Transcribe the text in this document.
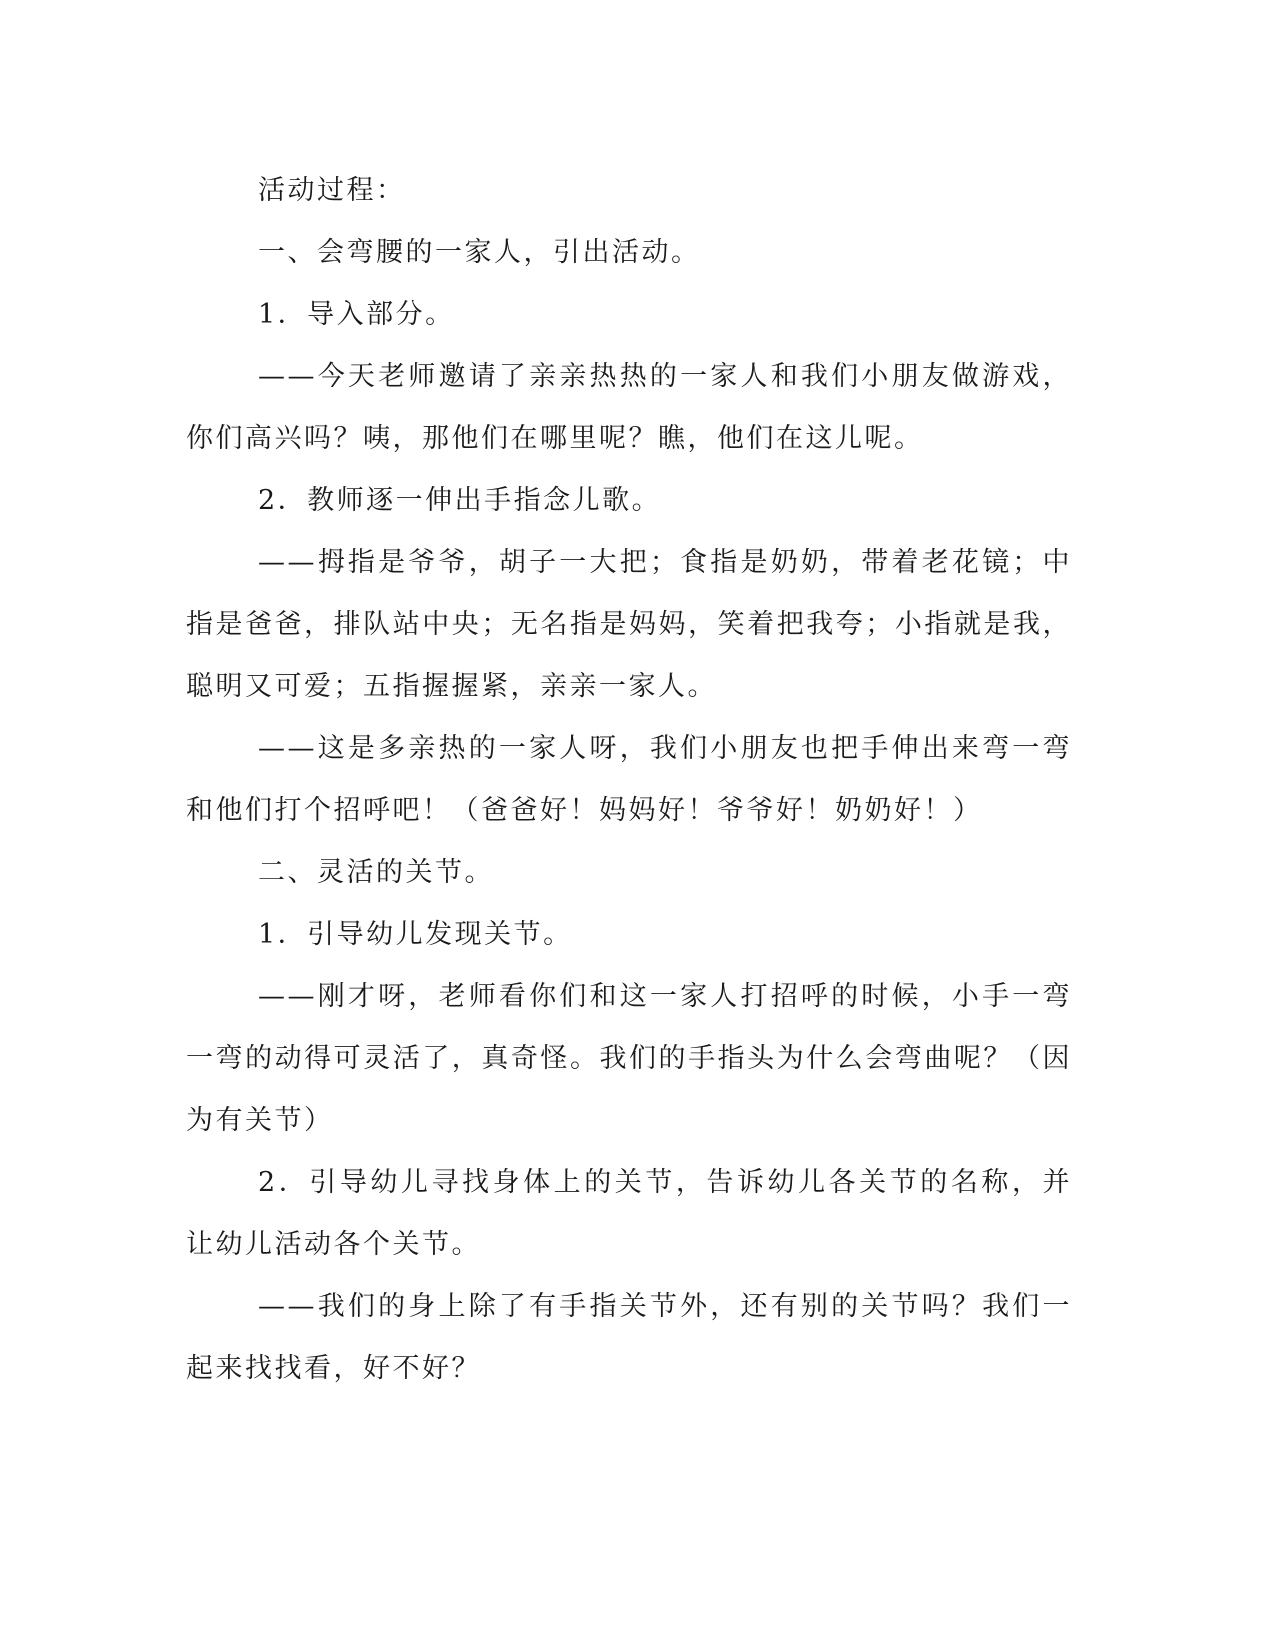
活动过程：

一、会弯腰的一家人，引出活动。

1．导入部分。

——今天老师邀请了亲亲热热的一家人和我们小朋友做游戏，你们高兴吗？咦，那他们在哪里呢？瞧，他们在这儿呢。

2．教师逐一伸出手指念儿歌。

——拇指是爷爷，胡子一大把；食指是奶奶，带着老花镜；中指是爸爸，排队站中央；无名指是妈妈，笑着把我夸；小指就是我，聪明又可爱；五指握握紧，亲亲一家人。

——这是多亲热的一家人呀，我们小朋友也把手伸出来弯一弯和他们打个招呼吧！（爸爸好！妈妈好！爷爷好！奶奶好！）

二、灵活的关节。

1．引导幼儿发现关节。

——刚才呀，老师看你们和这一家人打招呼的时候，小手一弯一弯的动得可灵活了，真奇怪。我们的手指头为什么会弯曲呢？（因为有关节）

2．引导幼儿寻找身体上的关节，告诉幼儿各关节的名称，并让幼儿活动各个关节。

——我们的身上除了有手指关节外，还有别的关节吗？我们一起来找找看，好不好？
